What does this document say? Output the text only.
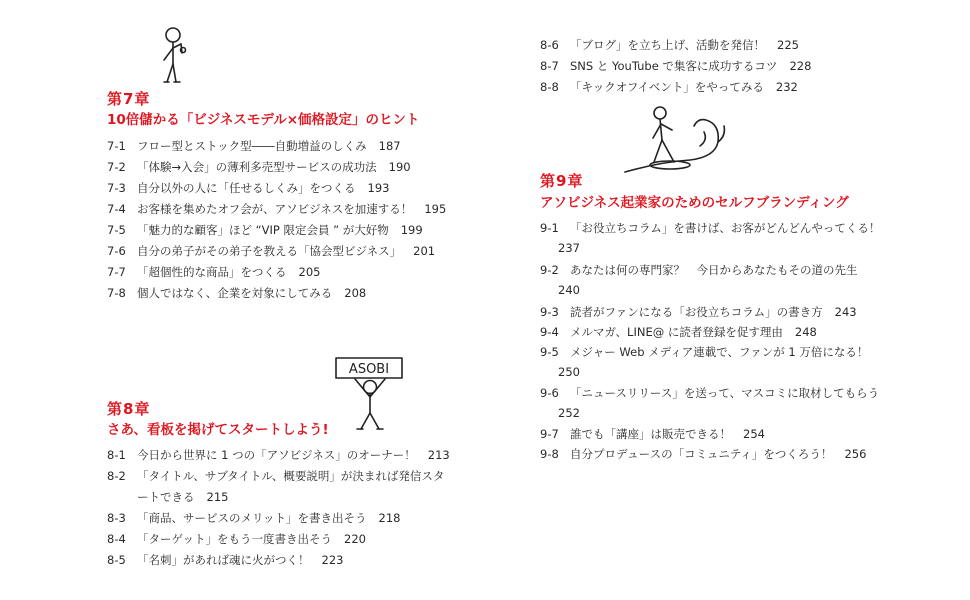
ASOBI
第7章
10倍儲かる「ビジネスモデル×価格設定」のヒント
7-1 フロー型とストック型――自動増益のしくみ 187
7-2 「体験→入会」の薄利多売型サービスの成功法 190
7-3 自分以外の人に「任せるしくみ」をつくる 193
7-4 お客様を集めたオフ会が、アソビジネスを加速する！ 195
7-5 「魅力的な顧客」ほど “VIP 限定会員 ” が大好物 199
7-6 自分の弟子がその弟子を教える「協会型ビジネス」 201
7-7 「超個性的な商品」をつくる 205
7-8 個人ではなく、企業を対象にしてみる 208
第8章
さあ、看板を掲げてスタートしよう!
8-1 今日から世界に 1 つの「アソビジネス」のオーナー！ 213
8-2 「タイトル、サブタイトル、概要説明」が決まれば発信スタ
ートできる 215
8-3 「商品、サービスのメリット」を書き出そう 218
8-4 「ターゲット」をもう一度書き出そう 220
8-5 「名刺」があれば魂に火がつく！ 223
8-6 「ブログ」を立ち上げ、活動を発信！ 225
8-7 SNS と YouTube で集客に成功するコツ 228
8-8 「キックオフイベント」をやってみる 232
第9章
アソビジネス起業家のためのセルフブランディング
9-1 「お役立ちコラム」を書けば、お客がどんどんやってくる！
237
9-2 あなたは何の専門家？　今日からあなたもその道の先生
240
9-3 読者がファンになる「お役立ちコラム」の書き方 243
9-4 メルマガ、LINE@ に読者登録を促す理由 248
9-5 メジャー Web メディア連載で、ファンが 1 万倍になる！
250
9-6 「ニュースリリース」を送って、マスコミに取材してもらう
252
9-7 誰でも「講座」は販売できる！ 254
9-8 自分プロデュースの「コミュニティ」をつくろう！ 256
